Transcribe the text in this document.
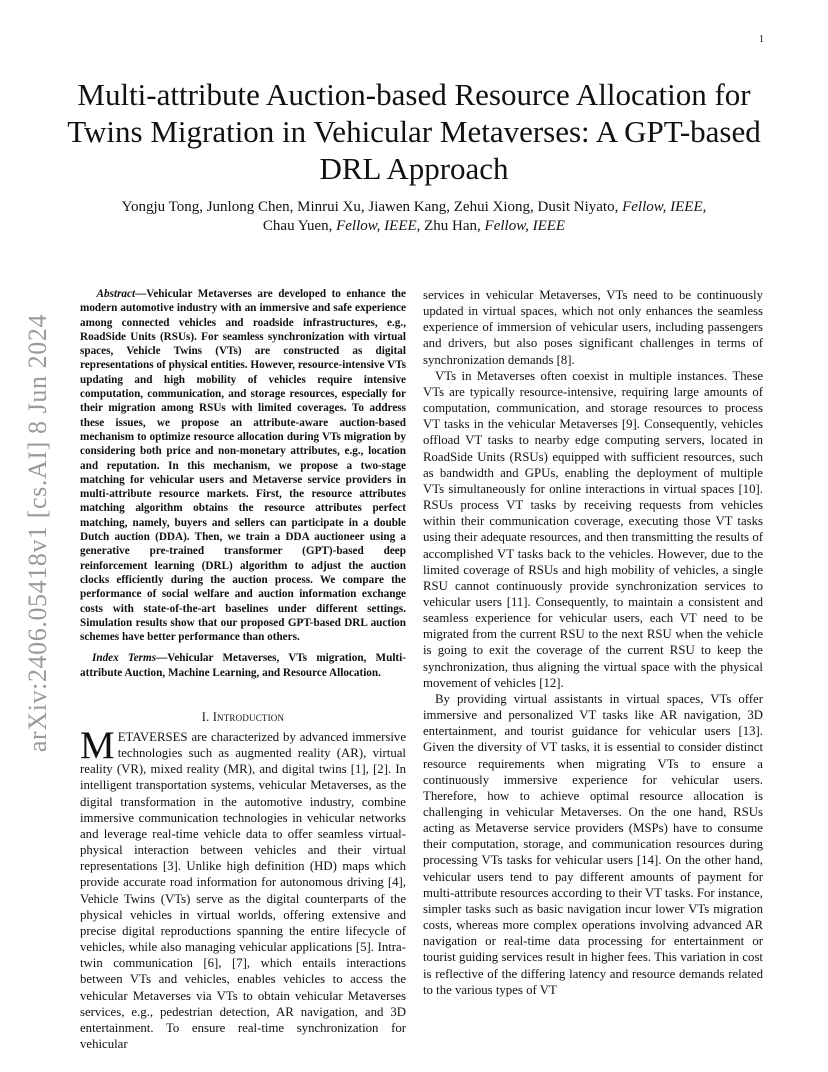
1
arXiv:2406.05418v1 [cs.AI] 8 Jun 2024
Multi-attribute Auction-based Resource Allocation for Twins Migration in Vehicular Metaverses: A GPT-based DRL Approach
Yongju Tong, Junlong Chen, Minrui Xu, Jiawen Kang, Zehui Xiong, Dusit Niyato, Fellow, IEEE,
Chau Yuen, Fellow, IEEE, Zhu Han, Fellow, IEEE

Abstract—Vehicular Metaverses are developed to enhance the modern automotive industry with an immersive and safe experience among connected vehicles and roadside infrastructures, e.g., RoadSide Units (RSUs). For seamless synchronization with virtual spaces, Vehicle Twins (VTs) are constructed as digital representations of physical entities. However, resource-intensive VTs updating and high mobility of vehicles require intensive computation, communication, and storage resources, especially for their migration among RSUs with limited coverages. To address these issues, we propose an attribute-aware auction-based mechanism to optimize resource allocation during VTs migration by considering both price and non-monetary attributes, e.g., location and reputation. In this mechanism, we propose a two-stage matching for vehicular users and Metaverse service providers in multi-attribute resource markets. First, the resource attributes matching algorithm obtains the resource attributes perfect matching, namely, buyers and sellers can participate in a double Dutch auction (DDA). Then, we train a DDA auctioneer using a generative pre-trained transformer (GPT)-based deep reinforcement learning (DRL) algorithm to adjust the auction clocks efficiently during the auction process. We compare the performance of social welfare and auction information exchange costs with state-of-the-art baselines under different settings. Simulation results show that our proposed GPT-based DRL auction schemes have better performance than others.

Index Terms—Vehicular Metaverses, VTs migration, Multi-attribute Auction, Machine Learning, and Resource Allocation.

I. Introduction

METAVERSES are characterized by advanced immersive technologies such as augmented reality (AR), virtual reality (VR), mixed reality (MR), and digital twins [1], [2]. In intelligent transportation systems, vehicular Metaverses, as the digital transformation in the automotive industry, combine immersive communication technologies in vehicular networks and leverage real-time vehicle data to offer seamless virtual-physical interaction between vehicles and their virtual representations [3]. Unlike high definition (HD) maps which provide accurate road information for autonomous driving [4], Vehicle Twins (VTs) serve as the digital counterparts of the physical vehicles in virtual worlds, offering extensive and precise digital reproductions spanning the entire lifecycle of vehicles, while also managing vehicular applications [5]. Intra-twin communication [6], [7], which entails interactions between VTs and vehicles, enables vehicles to access the vehicular Metaverses via VTs to obtain vehicular Metaverses services, e.g., pedestrian detection, AR navigation, and 3D entertainment. To ensure real-time synchronization for vehicular

services in vehicular Metaverses, VTs need to be continuously updated in virtual spaces, which not only enhances the seamless experience of immersion of vehicular users, including passengers and drivers, but also poses significant challenges in terms of synchronization demands [8].

VTs in Metaverses often coexist in multiple instances. These VTs are typically resource-intensive, requiring large amounts of computation, communication, and storage resources to process VT tasks in the vehicular Metaverses [9]. Consequently, vehicles offload VT tasks to nearby edge computing servers, located in RoadSide Units (RSUs) equipped with sufficient resources, such as bandwidth and GPUs, enabling the deployment of multiple VTs simultaneously for online interactions in virtual spaces [10]. RSUs process VT tasks by receiving requests from vehicles within their communication coverage, executing those VT tasks using their adequate resources, and then transmitting the results of accomplished VT tasks back to the vehicles. However, due to the limited coverage of RSUs and high mobility of vehicles, a single RSU cannot continuously provide synchronization services to vehicular users [11]. Consequently, to maintain a consistent and seamless experience for vehicular users, each VT need to be migrated from the current RSU to the next RSU when the vehicle is going to exit the coverage of the current RSU to keep the synchronization, thus aligning the virtual space with the physical movement of vehicles [12].

By providing virtual assistants in virtual spaces, VTs offer immersive and personalized VT tasks like AR navigation, 3D entertainment, and tourist guidance for vehicular users [13]. Given the diversity of VT tasks, it is essential to consider distinct resource requirements when migrating VTs to ensure a continuously immersive experience for vehicular users. Therefore, how to achieve optimal resource allocation is challenging in vehicular Metaverses. On the one hand, RSUs acting as Metaverse service providers (MSPs) have to consume their computation, storage, and communication resources during processing VTs tasks for vehicular users [14]. On the other hand, vehicular users tend to pay different amounts of payment for multi-attribute resources according to their VT tasks. For instance, simpler tasks such as basic navigation incur lower VTs migration costs, whereas more complex operations involving advanced AR navigation or real-time data processing for entertainment or tourist guiding services result in higher fees. This variation in cost is reflective of the differing latency and resource demands related to the various types of VT
